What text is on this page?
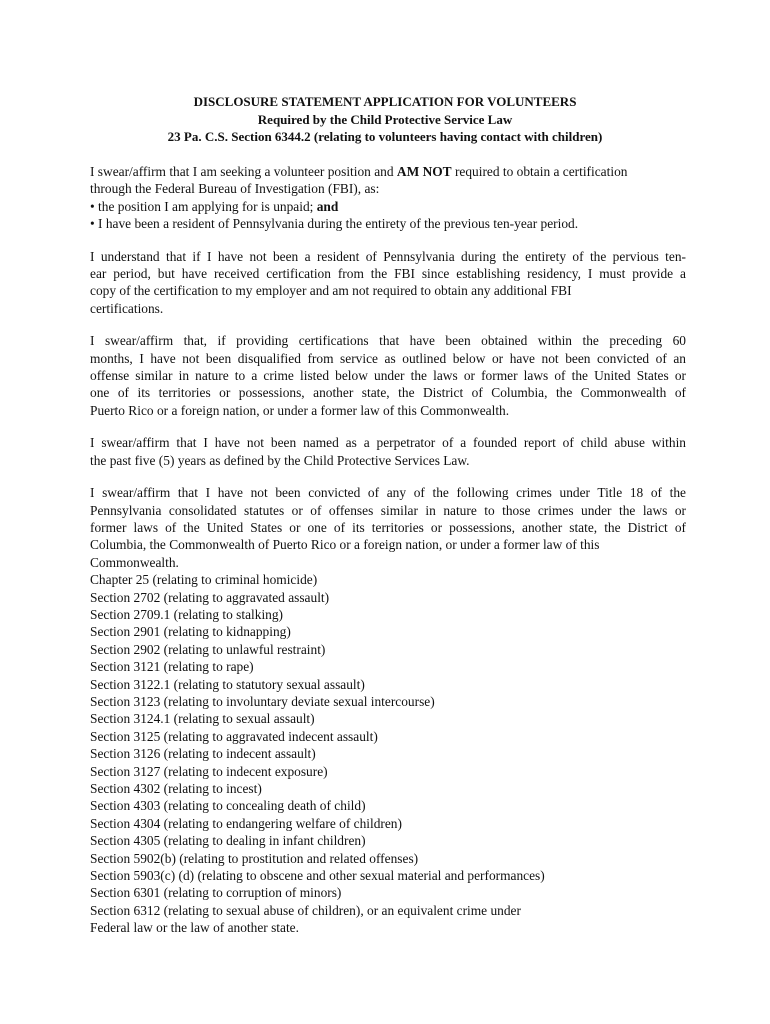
DISCLOSURE STATEMENT APPLICATION FOR VOLUNTEERS
Required by the Child Protective Service Law
23 Pa. C.S. Section 6344.2 (relating to volunteers having contact with children)
I swear/affirm that I am seeking a volunteer position and AM NOT required to obtain a certification
through the Federal Bureau of Investigation (FBI), as:
• the position I am applying for is unpaid; and
• I have been a resident of Pennsylvania during the entirety of the previous ten-year period.
I understand that if I have not been a resident of Pennsylvania during the entirety of the pervious ten-
ear period, but have received certification from the FBI since establishing residency, I must provide a
copy of the certification to my employer and am not required to obtain any additional FBI
certifications.
I swear/affirm that, if providing certifications that have been obtained within the preceding 60
months, I have not been disqualified from service as outlined below or have not been convicted of an
offense similar in nature to a crime listed below under the laws or former laws of the United States or
one of its territories or possessions, another state, the District of Columbia, the Commonwealth of
Puerto Rico or a foreign nation, or under a former law of this Commonwealth.
I swear/affirm that I have not been named as a perpetrator of a founded report of child abuse within
the past five (5) years as defined by the Child Protective Services Law.
I swear/affirm that I have not been convicted of any of the following crimes under Title 18 of the
Pennsylvania consolidated statutes or of offenses similar in nature to those crimes under the laws or
former laws of the United States or one of its territories or possessions, another state, the District of
Columbia, the Commonwealth of Puerto Rico or a foreign nation, or under a former law of this
Commonwealth.
Chapter 25 (relating to criminal homicide)
Section 2702 (relating to aggravated assault)
Section 2709.1 (relating to stalking)
Section 2901 (relating to kidnapping)
Section 2902 (relating to unlawful restraint)
Section 3121 (relating to rape)
Section 3122.1 (relating to statutory sexual assault)
Section 3123 (relating to involuntary deviate sexual intercourse)
Section 3124.1 (relating to sexual assault)
Section 3125 (relating to aggravated indecent assault)
Section 3126 (relating to indecent assault)
Section 3127 (relating to indecent exposure)
Section 4302 (relating to incest)
Section 4303 (relating to concealing death of child)
Section 4304 (relating to endangering welfare of children)
Section 4305 (relating to dealing in infant children)
Section 5902(b) (relating to prostitution and related offenses)
Section 5903(c) (d) (relating to obscene and other sexual material and performances)
Section 6301 (relating to corruption of minors)
Section 6312 (relating to sexual abuse of children), or an equivalent crime under
Federal law or the law of another state.
